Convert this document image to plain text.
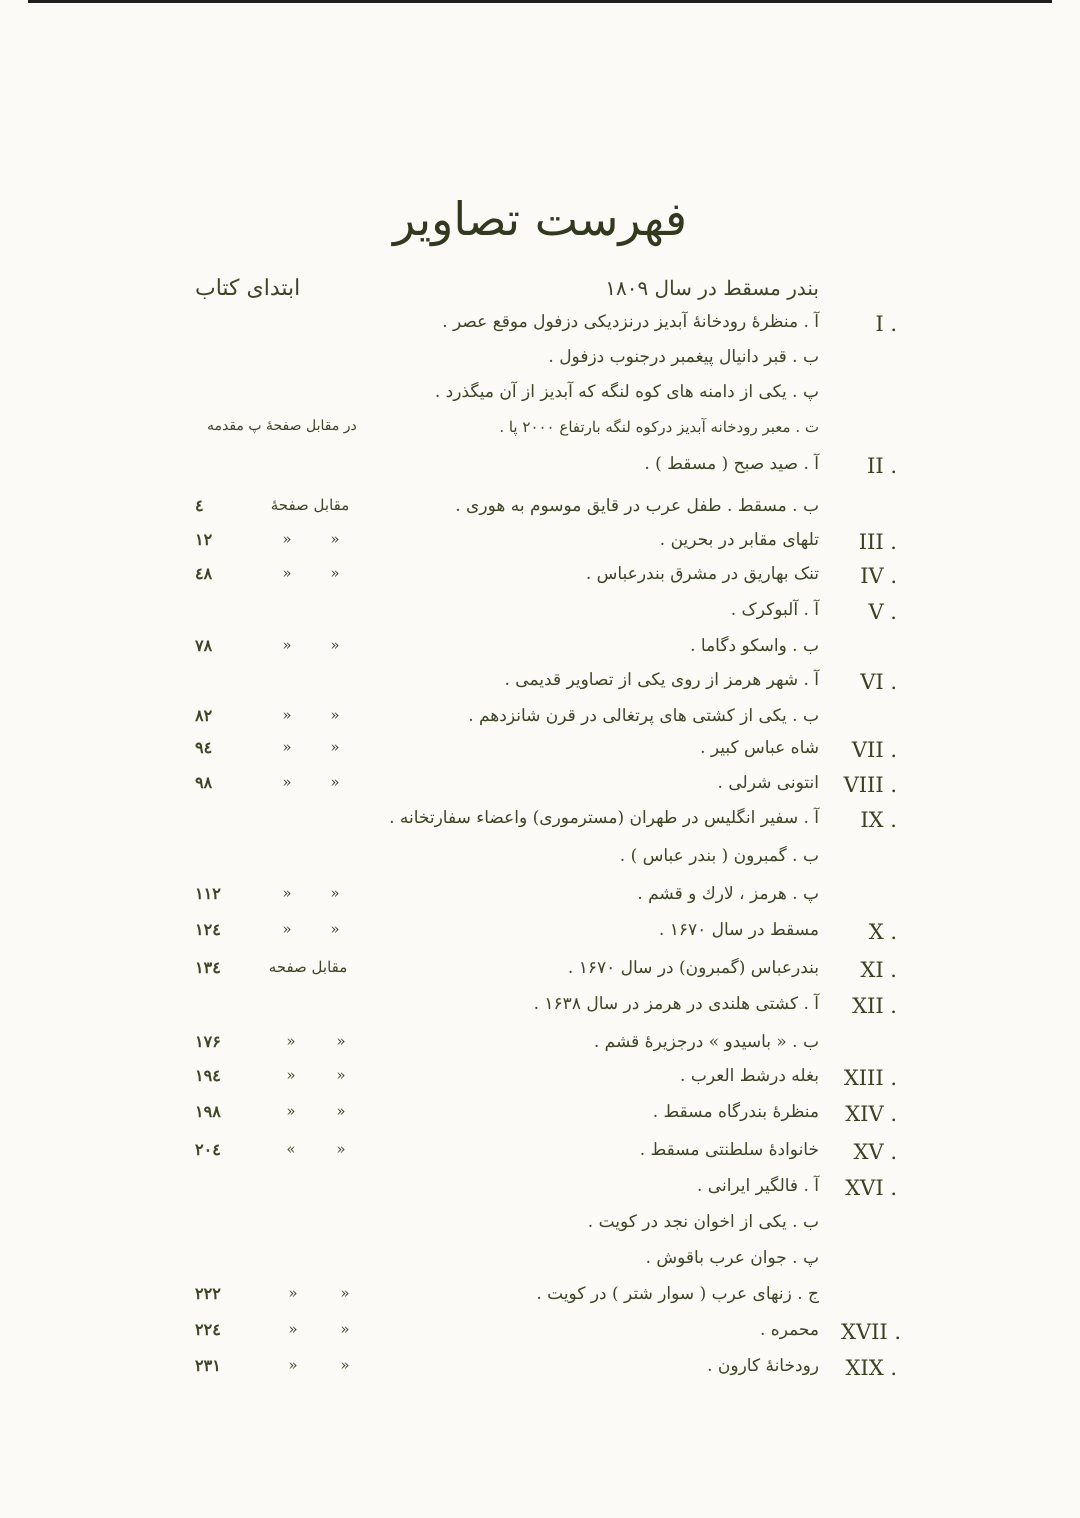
فهرست تصاویر
بندر مسقط در سال ۱۸۰۹
ابتدای کتاب
I .
آ . منظرهٔ رودخانهٔ آبدیز درنزدیکی دزفول موقع عصر .
ب . قبر دانیال پیغمبر درجنوب دزفول .
پ . یکی از دامنه های کوه لنگه که آبدیز از آن میگذرد .
ت . معبر رودخانه آبدیز درکوه لنگه بارتفاع ۲۰۰۰ پا .
در مقابل صفحهٔ پ مقدمه
II .
آ . صید صبح ( مسقط ) .
ب . مسقط . طفل عرب در قایق موسوم به هوری .
مقابل صفحهٔ
٤
III .
تلهای مقابر در بحرین .
»
»
۱۲
IV .
تنک بهاریق در مشرق بندرعباس .
»
»
٤۸
V .
آ . آلبوکرک .
ب . واسکو دگاما .
»
»
۷۸
VI .
آ . شهر هرمز از روی یکی از تصاویر قدیمی .
ب . یکی از کشتی های پرتغالی در قرن شانزدهم .
»
»
۸۲
VII .
شاه عباس کبیر .
»
»
۹٤
VIII .
انتونی شرلی .
»
»
۹۸
IX .
آ . سفیر انگلیس در طهران (مسترموری) واعضاء سفارتخانه .
ب . گمبرون ( بندر عباس ) .
پ . هرمز ، لارك و قشم .
»
»
۱۱۲
X .
مسقط در سال ۱۶۷۰ .
»
»
۱۲٤
XI .
بندرعباس (گمبرون) در سال ۱۶۷۰ .
مقابل صفحه
۱۳٤
XII .
آ . کشتی هلندی در هرمز در سال ۱۶۳۸ .
ب . « باسیدو » درجزیرهٔ قشم .
»
»
۱۷۶
XIII .
بغله درشط العرب .
»
»
۱۹٤
XIV .
منظرهٔ بندرگاه مسقط .
»
»
۱۹۸
XV .
خانوادهٔ سلطنتی مسقط .
»
«
۲۰٤
XVI .
آ . فالگیر ایرانی .
ب . یکی از اخوان نجد در کویت .
پ . جوان عرب باقوش .
ج . زنهای عرب ( سوار شتر ) در کویت .
»
»
۲۲۲
XVII .
محمره .
»
»
۲۲٤
XIX .
رودخانهٔ کارون .
»
»
۲۳۱
